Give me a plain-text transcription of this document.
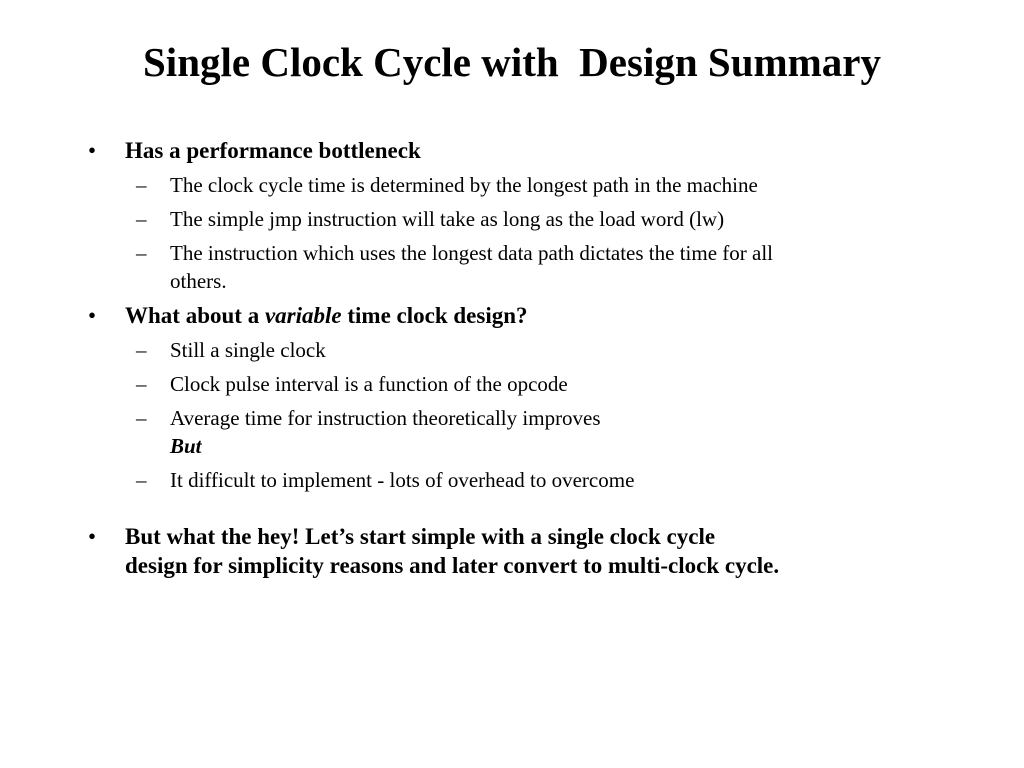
Single Clock Cycle with  Design Summary
• Has a performance bottleneck
– The clock cycle time is determined by the longest path in the machine
– The simple jmp instruction will take as long as the load word (lw)
– The instruction which uses the longest data path dictates the time for all
others.
• What about a variable time clock design?
– Still a single clock
– Clock pulse interval is a function of the opcode
– Average time for instruction theoretically improves
But
– It difficult to implement - lots of overhead to overcome
• But what the hey! Let’s start simple with a single clock cycle
design for simplicity reasons and later convert to multi-clock cycle.
